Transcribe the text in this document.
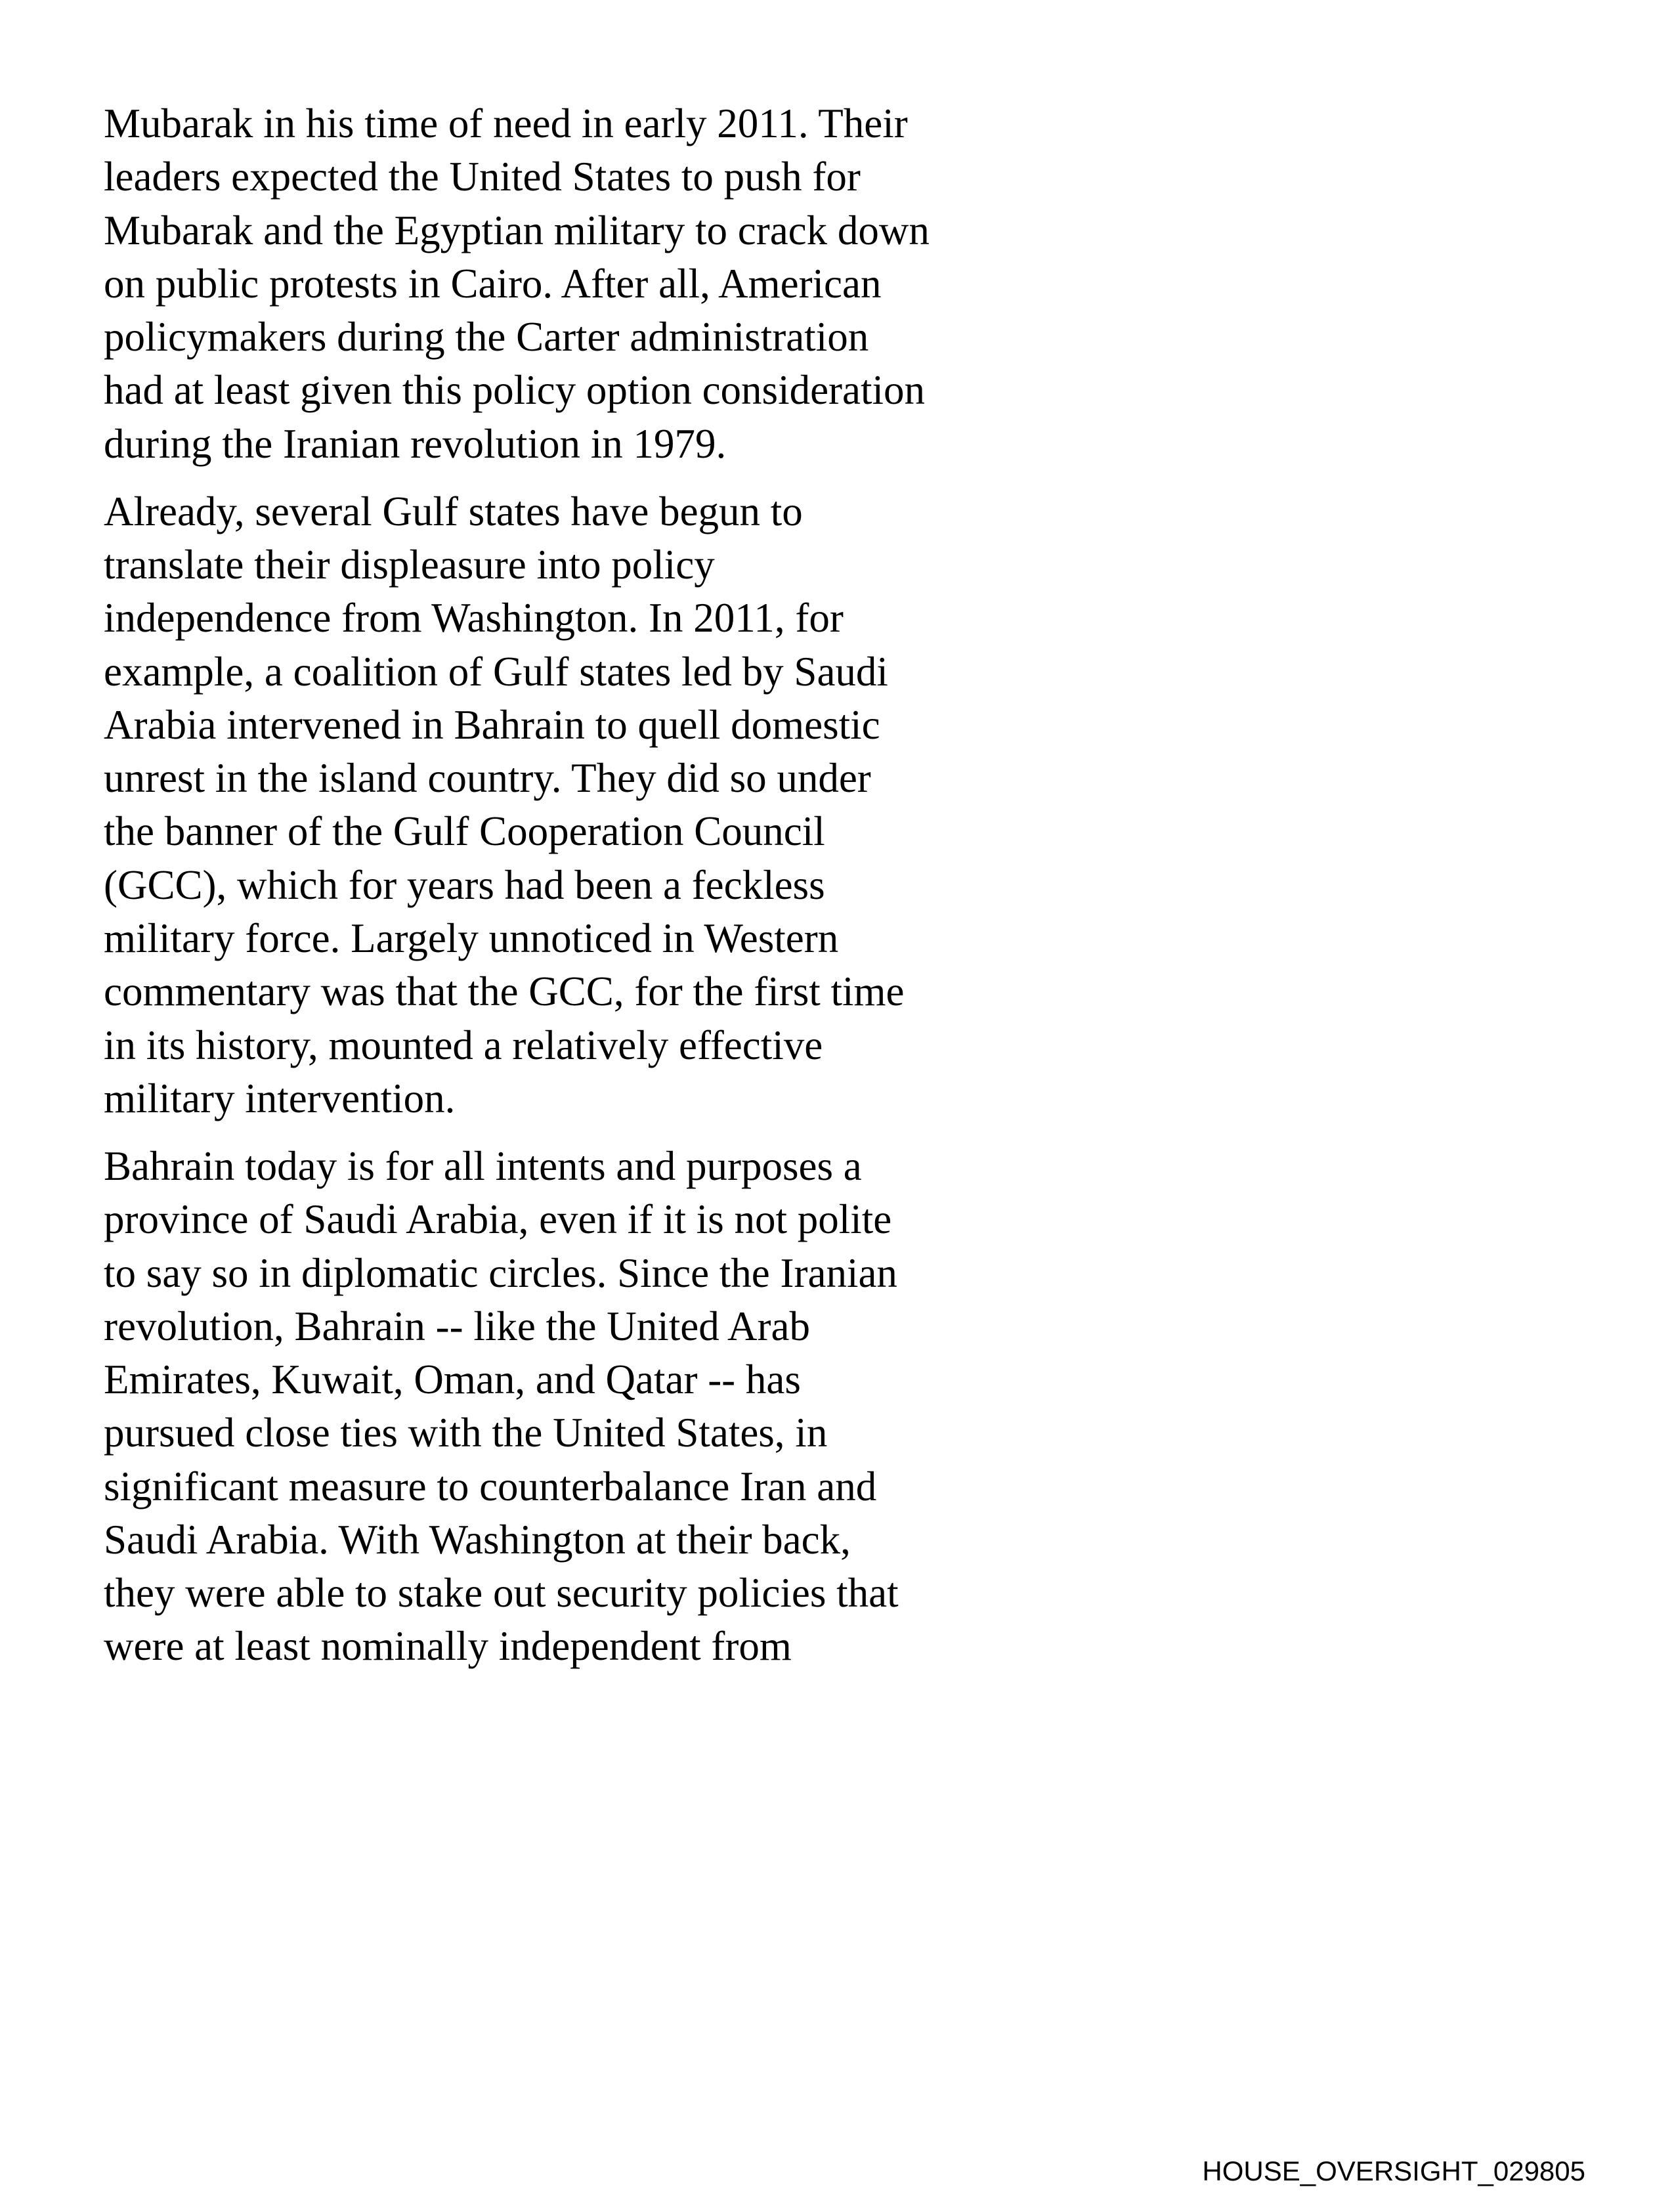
Mubarak in his time of need in early 2011. Their leaders expected the United States to push for Mubarak and the Egyptian military to crack down on public protests in Cairo. After all, American policymakers during the Carter administration had at least given this policy option consideration during the Iranian revolution in 1979.

Already, several Gulf states have begun to translate their displeasure into policy independence from Washington. In 2011, for example, a coalition of Gulf states led by Saudi Arabia intervened in Bahrain to quell domestic unrest in the island country. They did so under the banner of the Gulf Cooperation Council (GCC), which for years had been a feckless military force. Largely unnoticed in Western commentary was that the GCC, for the first time in its history, mounted a relatively effective military intervention.

Bahrain today is for all intents and purposes a province of Saudi Arabia, even if it is not polite to say so in diplomatic circles. Since the Iranian revolution, Bahrain -- like the United Arab Emirates, Kuwait, Oman, and Qatar -- has pursued close ties with the United States, in significant measure to counterbalance Iran and Saudi Arabia. With Washington at their back, they were able to stake out security policies that were at least nominally independent from

HOUSE_OVERSIGHT_029805
